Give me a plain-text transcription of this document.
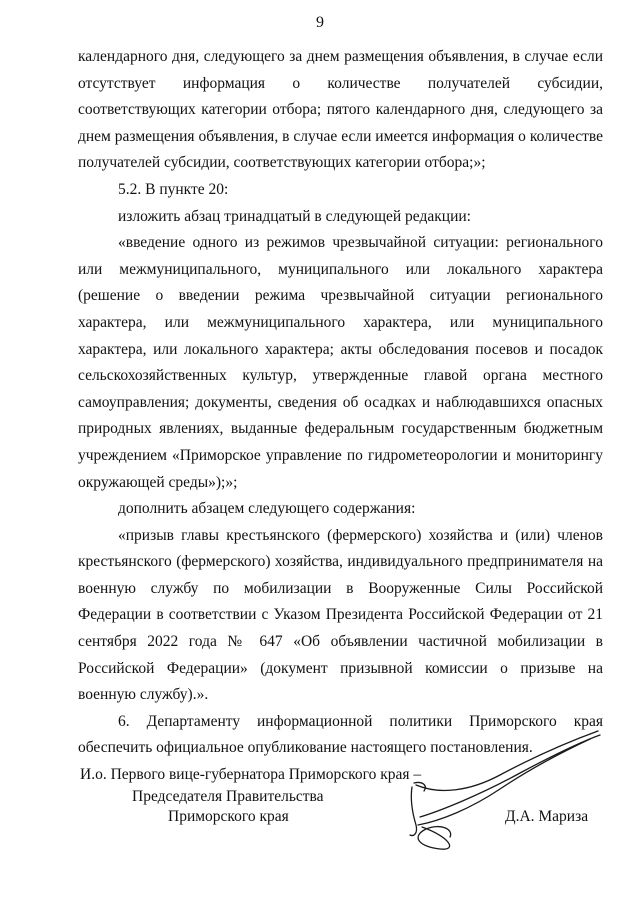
9

календарного дня, следующего за днем размещения объявления, в случае если отсутствует информация о количестве получателей субсидии, соответствующих категории отбора; пятого календарного дня, следующего за днем размещения объявления, в случае если имеется информация о количестве получателей субсидии, соответствующих категории отбора;»;

5.2. В пункте 20:

изложить абзац тринадцатый в следующей редакции:

«введение одного из режимов чрезвычайной ситуации: регионального или межмуниципального, муниципального или локального характера (решение о введении режима чрезвычайной ситуации регионального характера, или межмуниципального характера, или муниципального характера, или локального характера; акты обследования посевов и посадок сельскохозяйственных культур, утвержденные главой органа местного самоуправления; документы, сведения об осадках и наблюдавшихся опасных природных явлениях, выданные федеральным государственным бюджетным учреждением «Приморское управление по гидрометеорологии и мониторингу окружающей среды»);»;

дополнить абзацем следующего содержания:

«призыв главы крестьянского (фермерского) хозяйства и (или) членов крестьянского (фермерского) хозяйства, индивидуального предпринимателя на военную службу по мобилизации в Вооруженные Силы Российской Федерации в соответствии с Указом Президента Российской Федерации от 21 сентября 2022 года № 647 «Об объявлении частичной мобилизации в Российской Федерации» (документ призывной комиссии о призыве на военную службу).».

6. Департаменту информационной политики Приморского края обеспечить официальное опубликование настоящего постановления.

И.о. Первого вице-губернатора Приморского края –
Председателя Правительства
Приморского края	Д.А. Мариза
